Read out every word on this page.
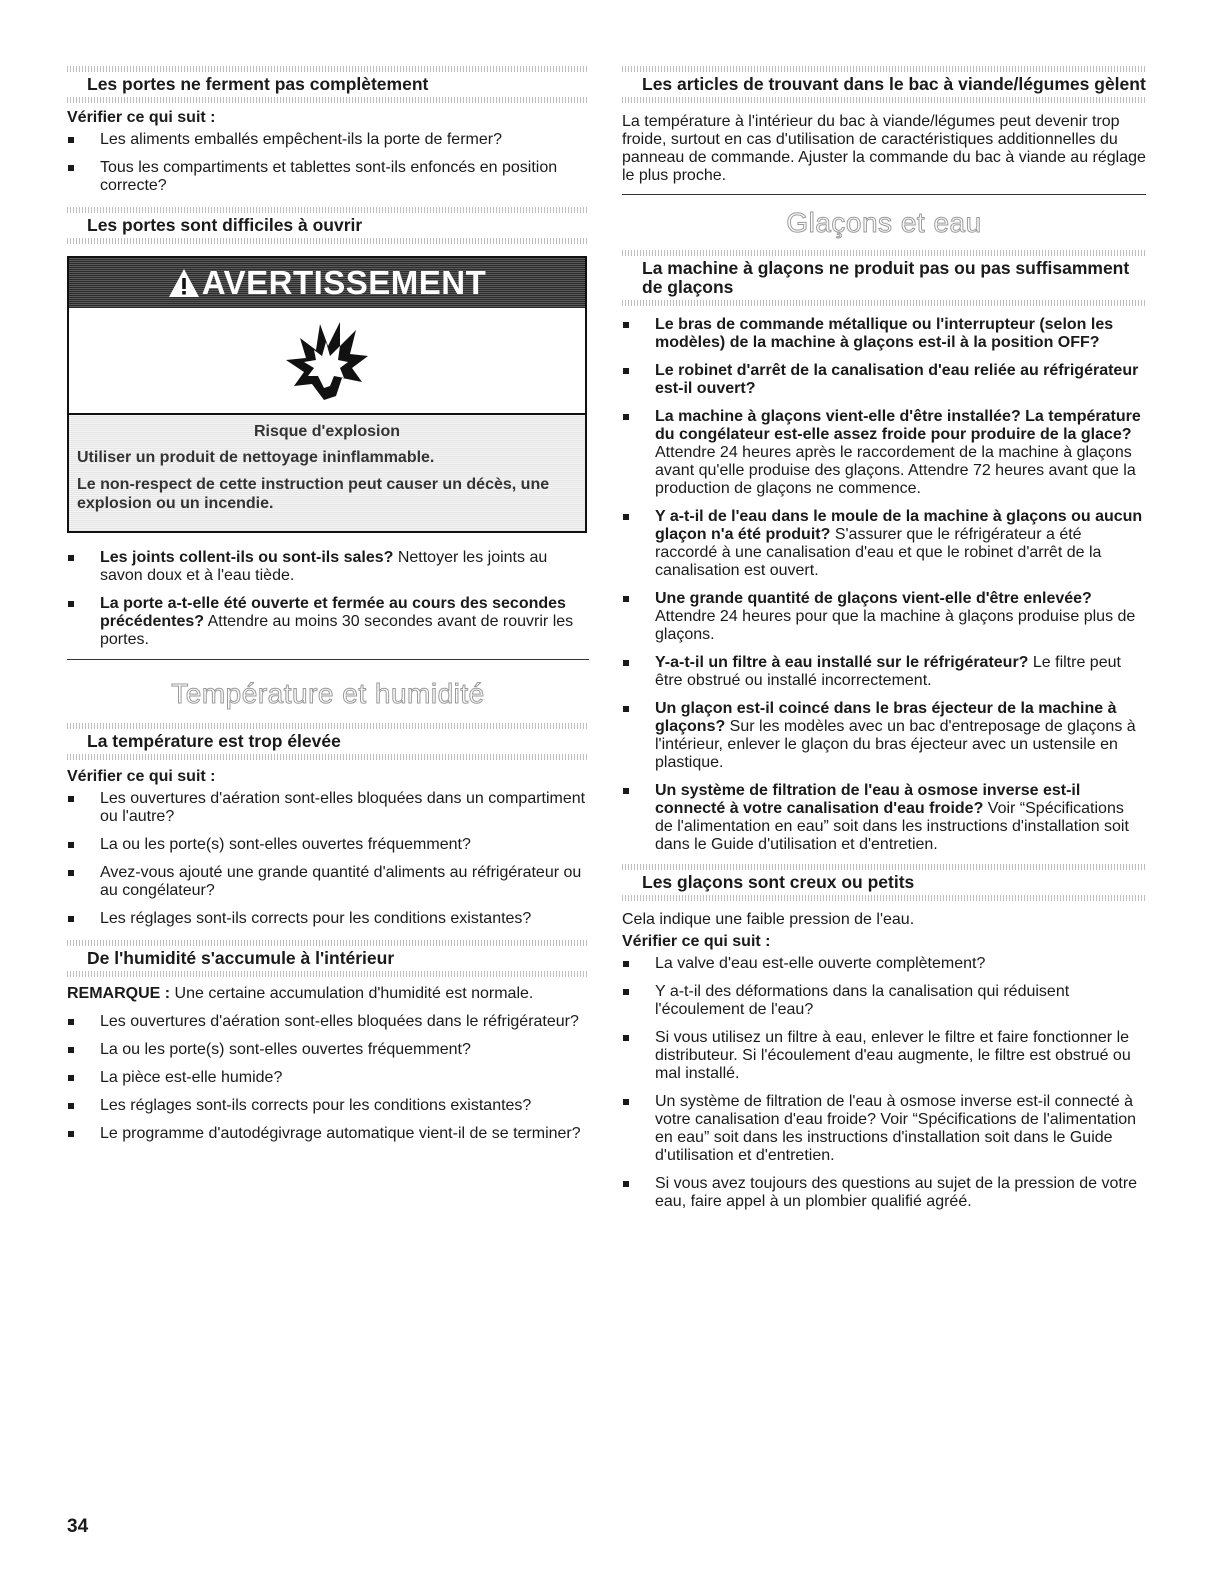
Les portes ne ferment pas complètement
Vérifier ce qui suit :
Les aliments emballés empêchent-ils la porte de fermer?
Tous les compartiments et tablettes sont-ils enfoncés en position correcte?
Les portes sont difficiles à ouvrir
AVERTISSEMENT
Risque d'explosion

Utiliser un produit de nettoyage ininflammable.

Le non-respect de cette instruction peut causer un décès, une explosion ou un incendie.

Les joints collent-ils ou sont-ils sales? Nettoyer les joints au savon doux et à l'eau tiède.
La porte a-t-elle été ouverte et fermée au cours des secondes précédentes? Attendre au moins 30 secondes avant de rouvrir les portes.
Température et humidité
La température est trop élevée
Vérifier ce qui suit :
Les ouvertures d'aération sont-elles bloquées dans un compartiment ou l'autre?
La ou les porte(s) sont-elles ouvertes fréquemment?
Avez-vous ajouté une grande quantité d'aliments au réfrigérateur ou au congélateur?
Les réglages sont-ils corrects pour les conditions existantes?
De l'humidité s'accumule à l'intérieur

REMARQUE : Une certaine accumulation d'humidité est normale.

Les ouvertures d'aération sont-elles bloquées dans le réfrigérateur?
La ou les porte(s) sont-elles ouvertes fréquemment?
La pièce est-elle humide?
Les réglages sont-ils corrects pour les conditions existantes?
Le programme d'autodégivrage automatique vient-il de se terminer?
Les articles de trouvant dans le bac à viande/légumes gèlent

La température à l'intérieur du bac à viande/légumes peut devenir trop froide, surtout en cas d'utilisation de caractéristiques additionnelles du panneau de commande. Ajuster la commande du bac à viande au réglage le plus proche.

Glaçons et eau
La machine à glaçons ne produit pas ou pas suffisamment de glaçons
Le bras de commande métallique ou l'interrupteur (selon les modèles) de la machine à glaçons est-il à la position OFF?
Le robinet d'arrêt de la canalisation d'eau reliée au réfrigérateur est-il ouvert?
La machine à glaçons vient-elle d'être installée? La température du congélateur est-elle assez froide pour produire de la glace? Attendre 24 heures après le raccordement de la machine à glaçons avant qu'elle produise des glaçons. Attendre 72 heures avant que la production de glaçons ne commence.
Y a-t-il de l'eau dans le moule de la machine à glaçons ou aucun glaçon n'a été produit? S'assurer que le réfrigérateur a été raccordé à une canalisation d'eau et que le robinet d'arrêt de la canalisation est ouvert.
Une grande quantité de glaçons vient-elle d'être enlevée? Attendre 24 heures pour que la machine à glaçons produise plus de glaçons.
Y-a-t-il un filtre à eau installé sur le réfrigérateur? Le filtre peut être obstrué ou installé incorrectement.
Un glaçon est-il coincé dans le bras éjecteur de la machine à glaçons? Sur les modèles avec un bac d'entreposage de glaçons à l'intérieur, enlever le glaçon du bras éjecteur avec un ustensile en plastique.
Un système de filtration de l'eau à osmose inverse est-il connecté à votre canalisation d'eau froide? Voir “Spécifications de l'alimentation en eau” soit dans les instructions d'installation soit dans le Guide d'utilisation et d'entretien.
Les glaçons sont creux ou petits

Cela indique une faible pression de l'eau.

Vérifier ce qui suit :
La valve d'eau est-elle ouverte complètement?
Y a-t-il des déformations dans la canalisation qui réduisent l'écoulement de l'eau?
Si vous utilisez un filtre à eau, enlever le filtre et faire fonctionner le distributeur. Si l'écoulement d'eau augmente, le filtre est obstrué ou mal installé.
Un système de filtration de l'eau à osmose inverse est-il connecté à votre canalisation d'eau froide? Voir “Spécifications de l'alimentation en eau” soit dans les instructions d'installation soit dans le Guide d'utilisation et d'entretien.
Si vous avez toujours des questions au sujet de la pression de votre eau, faire appel à un plombier qualifié agréé.
34
